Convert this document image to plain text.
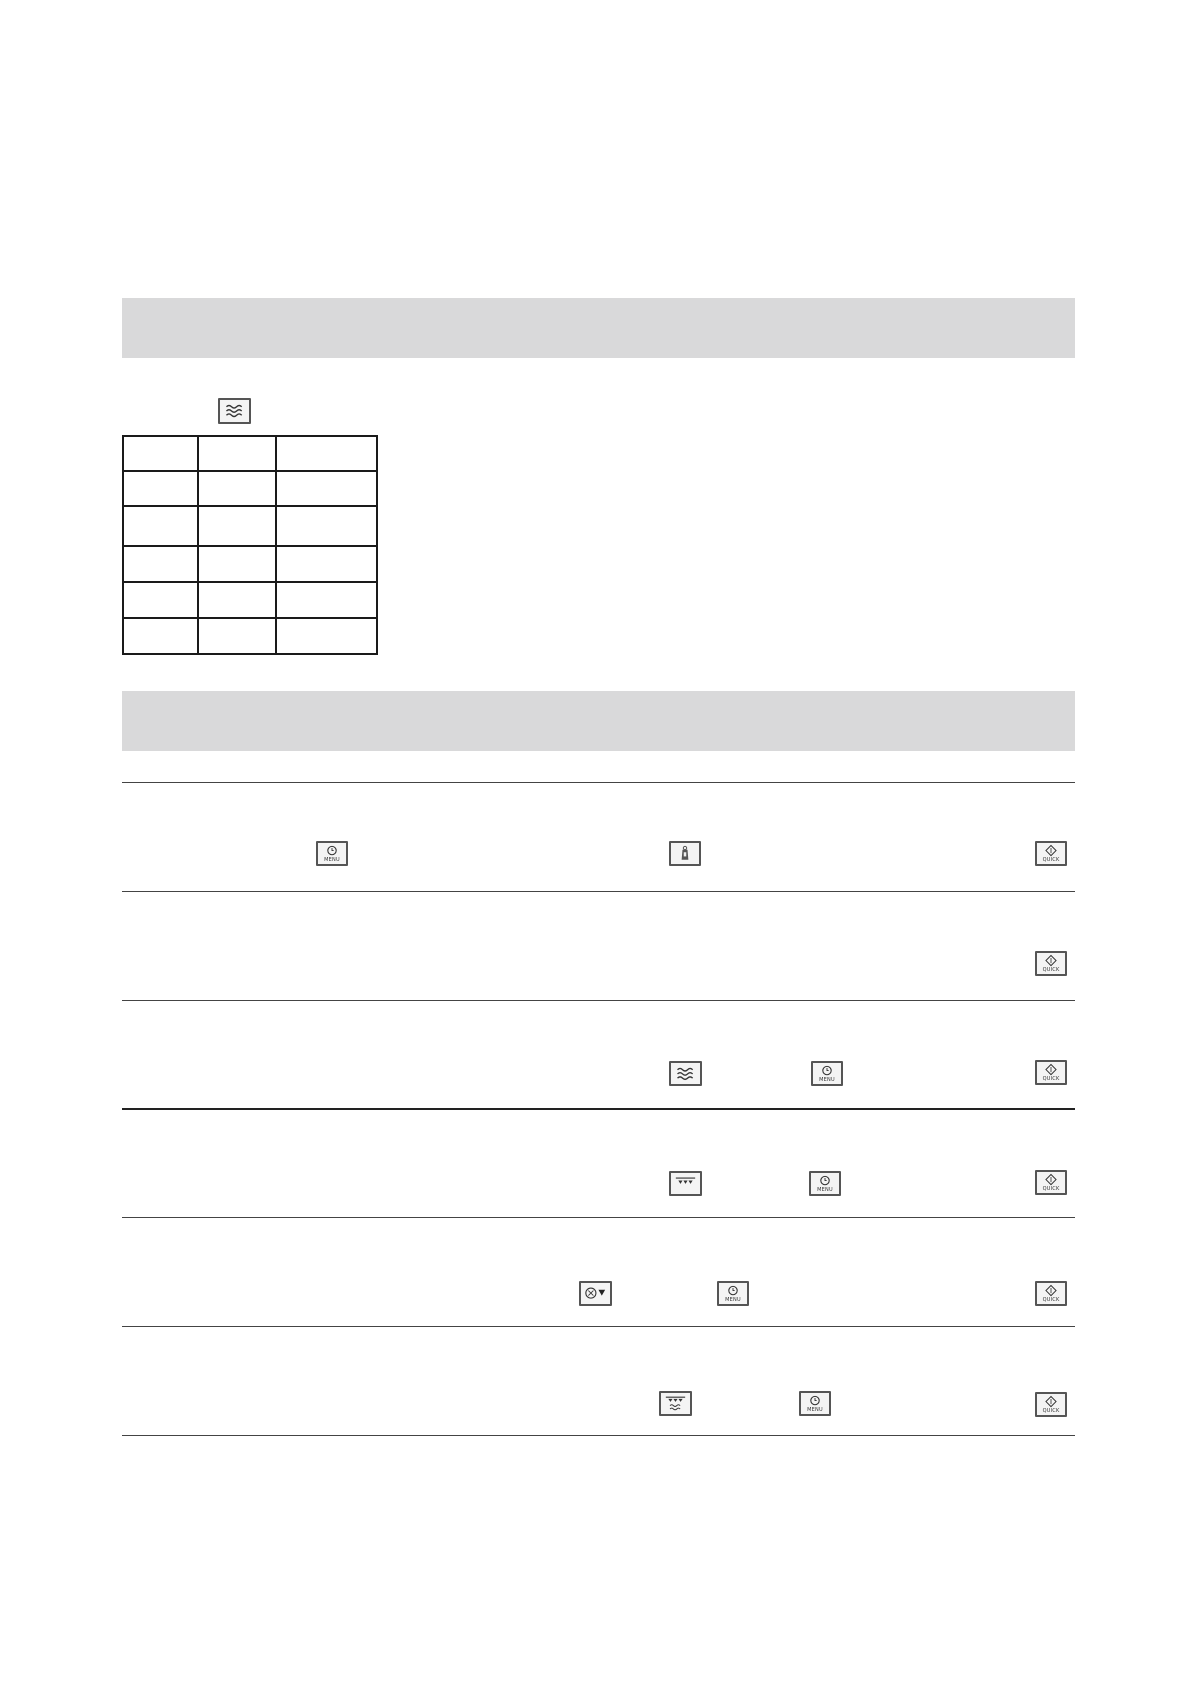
MENU	QUICK
QUICK
MENU	QUICK
MENU	QUICK
MENU	QUICK
MENU	QUICK
